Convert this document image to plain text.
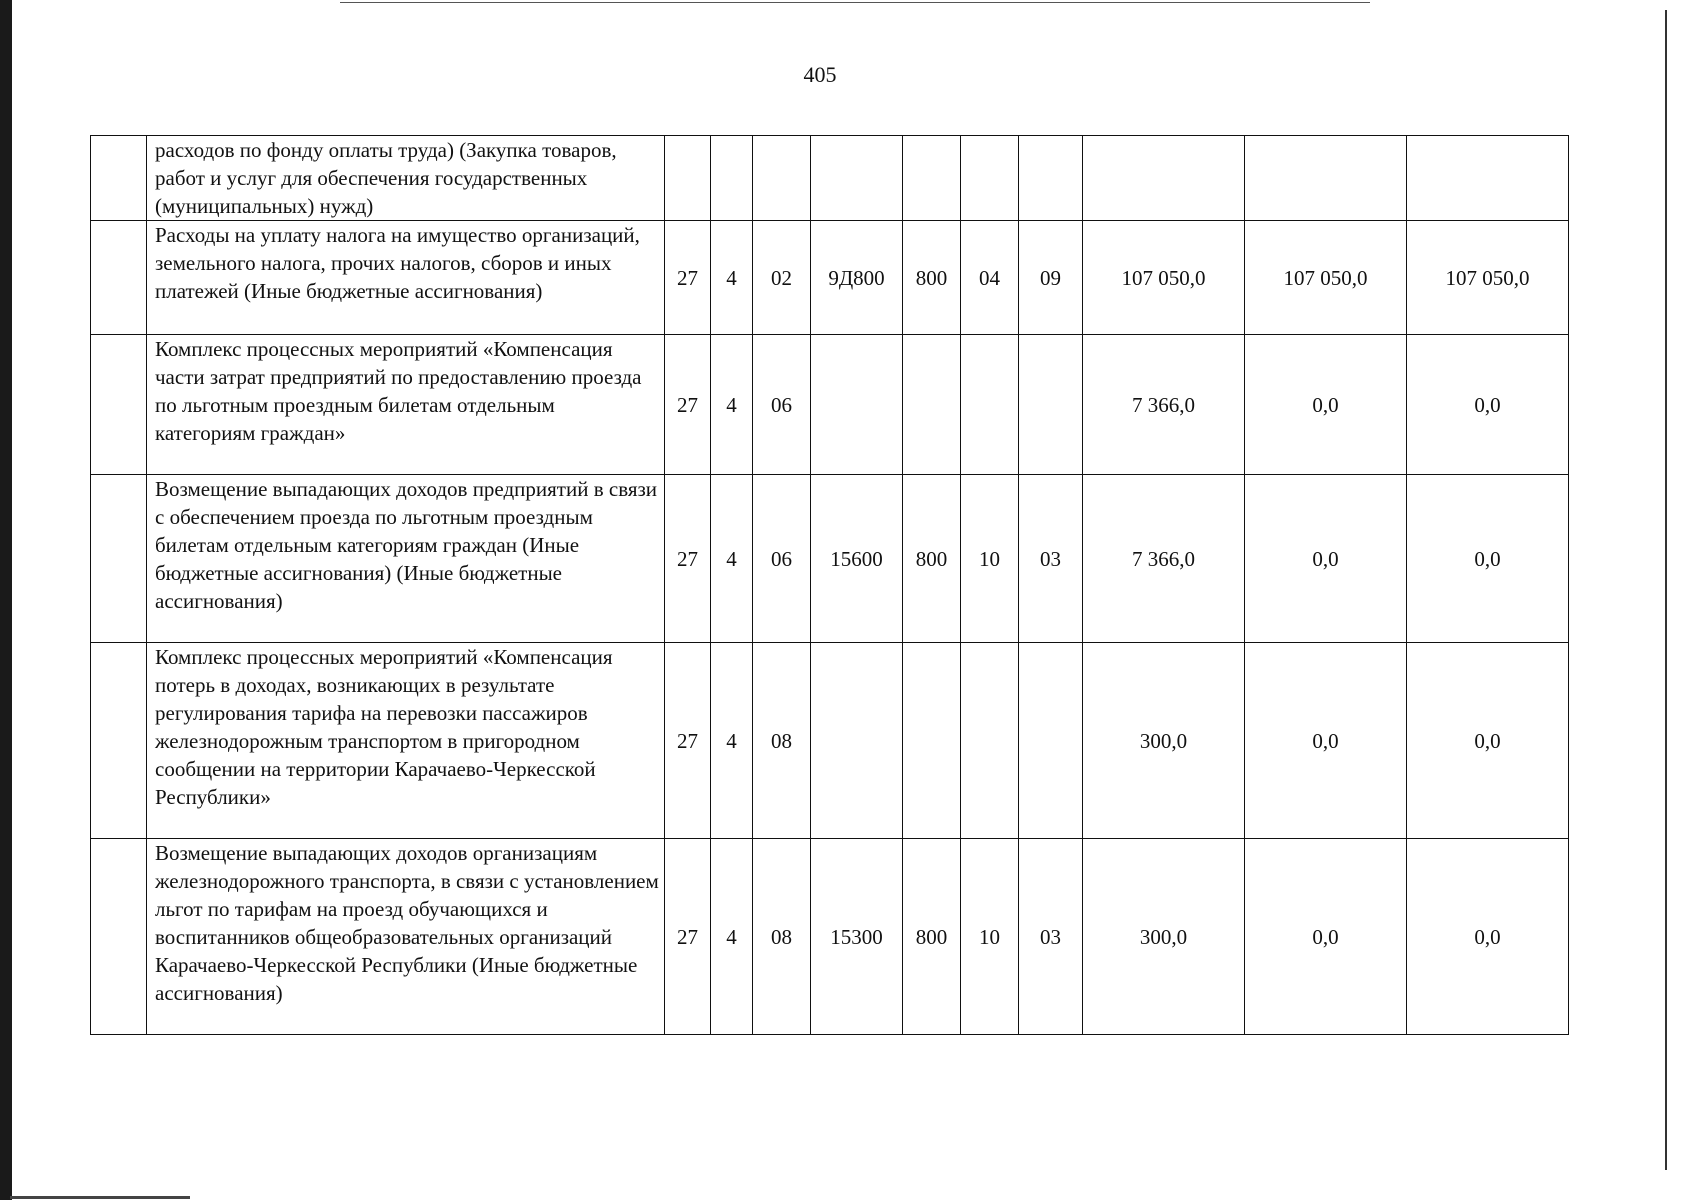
405
	расходов по фонду оплаты труда) (Закупка товаров, работ и услуг для обеспечения государственных (муниципальных) нужд)										
	Расходы на уплату налога на имущество организаций, земельного налога, прочих налогов, сборов и иных платежей (Иные бюджетные ассигнования)	27	4	02	9Д800	800	04	09	107 050,0	107 050,0	107 050,0
	Комплекс процессных мероприятий «Компенсация части затрат предприятий по предоставлению проезда по льготным проездным билетам отдельным категориям граждан»	27	4	06					7 366,0	0,0	0,0
	Возмещение выпадающих доходов предприятий в связи с обеспечением проезда по льготным проездным билетам отдельным категориям граждан (Иные бюджетные ассигнования) (Иные бюджетные ассигнования)	27	4	06	15600	800	10	03	7 366,0	0,0	0,0
	Комплекс процессных мероприятий «Компенсация потерь в доходах, возникающих в результате регулирования тарифа на перевозки пассажиров железнодорожным транспортом в пригородном сообщении на территории Карачаево-Черкесской Республики»	27	4	08					300,0	0,0	0,0
	Возмещение выпадающих доходов организациям железнодорожного транспорта, в связи с установлением льгот по тарифам на проезд обучающихся и воспитанников общеобразовательных организаций Карачаево-Черкесской Республики (Иные бюджетные ассигнования)	27	4	08	15300	800	10	03	300,0	0,0	0,0
